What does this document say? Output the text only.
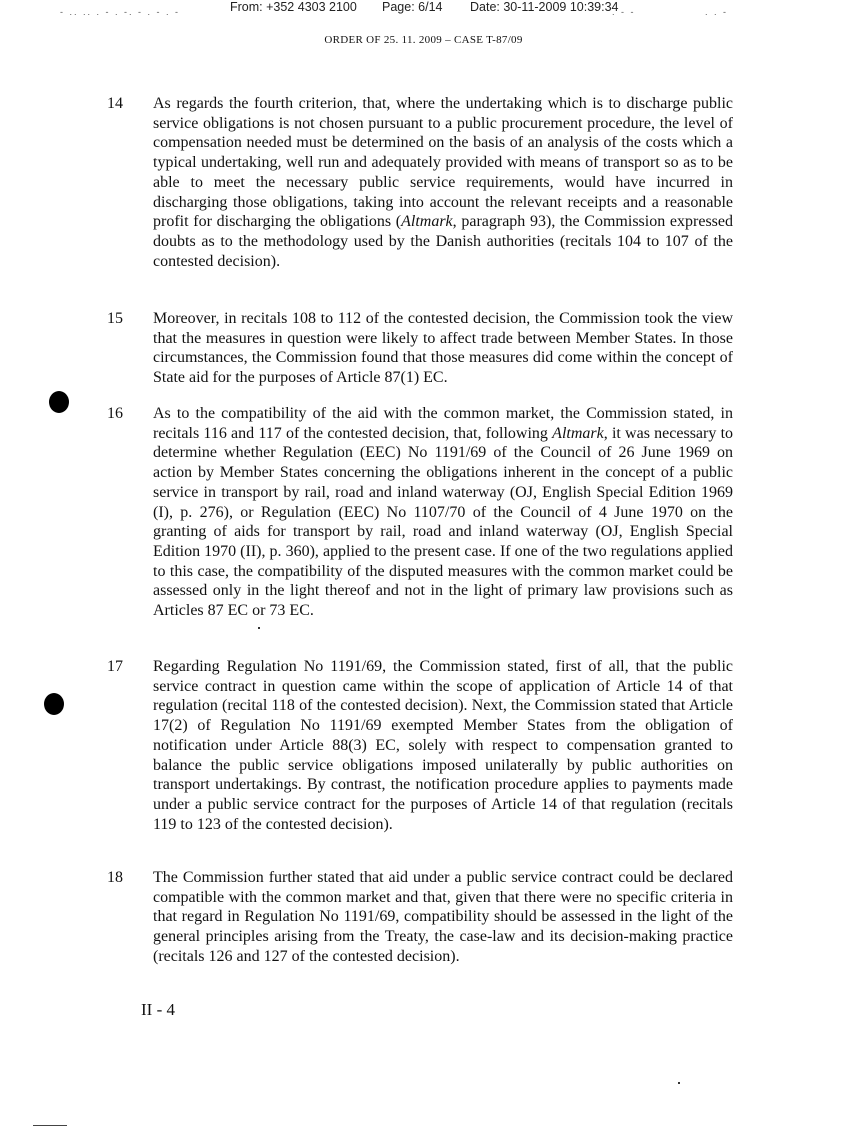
- .. .. . - . -. - . - . -	From: +352 4303 2100 Page: 6/14 Date: 30-11-2009 10:39:34
. - -	. . -
ORDER OF 25. 11. 2009 – CASE T-87/09
14 As regards the fourth criterion, that, where the undertaking which is to discharge public service obligations is not chosen pursuant to a public procurement procedure, the level of compensation needed must be determined on the basis of an analysis of the costs which a typical undertaking, well run and adequately provided with means of transport so as to be able to meet the necessary public service requirements, would have incurred in discharging those obligations, taking into account the relevant receipts and a reasonable profit for discharging the obligations (Altmark, paragraph 93), the Commission expressed doubts as to the methodology used by the Danish authorities (recitals 104 to 107 of the contested decision).
15 Moreover, in recitals 108 to 112 of the contested decision, the Commission took the view that the measures in question were likely to affect trade between Member States. In those circumstances, the Commission found that those measures did come within the concept of State aid for the purposes of Article 87(1) EC.
16 As to the compatibility of the aid with the common market, the Commission stated, in recitals 116 and 117 of the contested decision, that, following Altmark, it was necessary to determine whether Regulation (EEC) No 1191/69 of the Council of 26 June 1969 on action by Member States concerning the obligations inherent in the concept of a public service in transport by rail, road and inland waterway (OJ, English Special Edition 1969 (I), p. 276), or Regulation (EEC) No 1107/70 of the Council of 4 June 1970 on the granting of aids for transport by rail, road and inland waterway (OJ, English Special Edition 1970 (II), p. 360), applied to the present case. If one of the two regulations applied to this case, the compatibility of the disputed measures with the common market could be assessed only in the light thereof and not in the light of primary law provisions such as Articles 87 EC or 73 EC.
17 Regarding Regulation No 1191/69, the Commission stated, first of all, that the public service contract in question came within the scope of application of Article 14 of that regulation (recital 118 of the contested decision). Next, the Commission stated that Article 17(2) of Regulation No 1191/69 exempted Member States from the obligation of notification under Article 88(3) EC, solely with respect to compensation granted to balance the public service obligations imposed unilaterally by public authorities on transport undertakings. By contrast, the notification procedure applies to payments made under a public service contract for the purposes of Article 14 of that regulation (recitals 119 to 123 of the contested decision).
18 The Commission further stated that aid under a public service contract could be declared compatible with the common market and that, given that there were no specific criteria in that regard in Regulation No 1191/69, compatibility should be assessed in the light of the general principles arising from the Treaty, the case-law and its decision-making practice (recitals 126 and 127 of the contested decision).
II - 4
